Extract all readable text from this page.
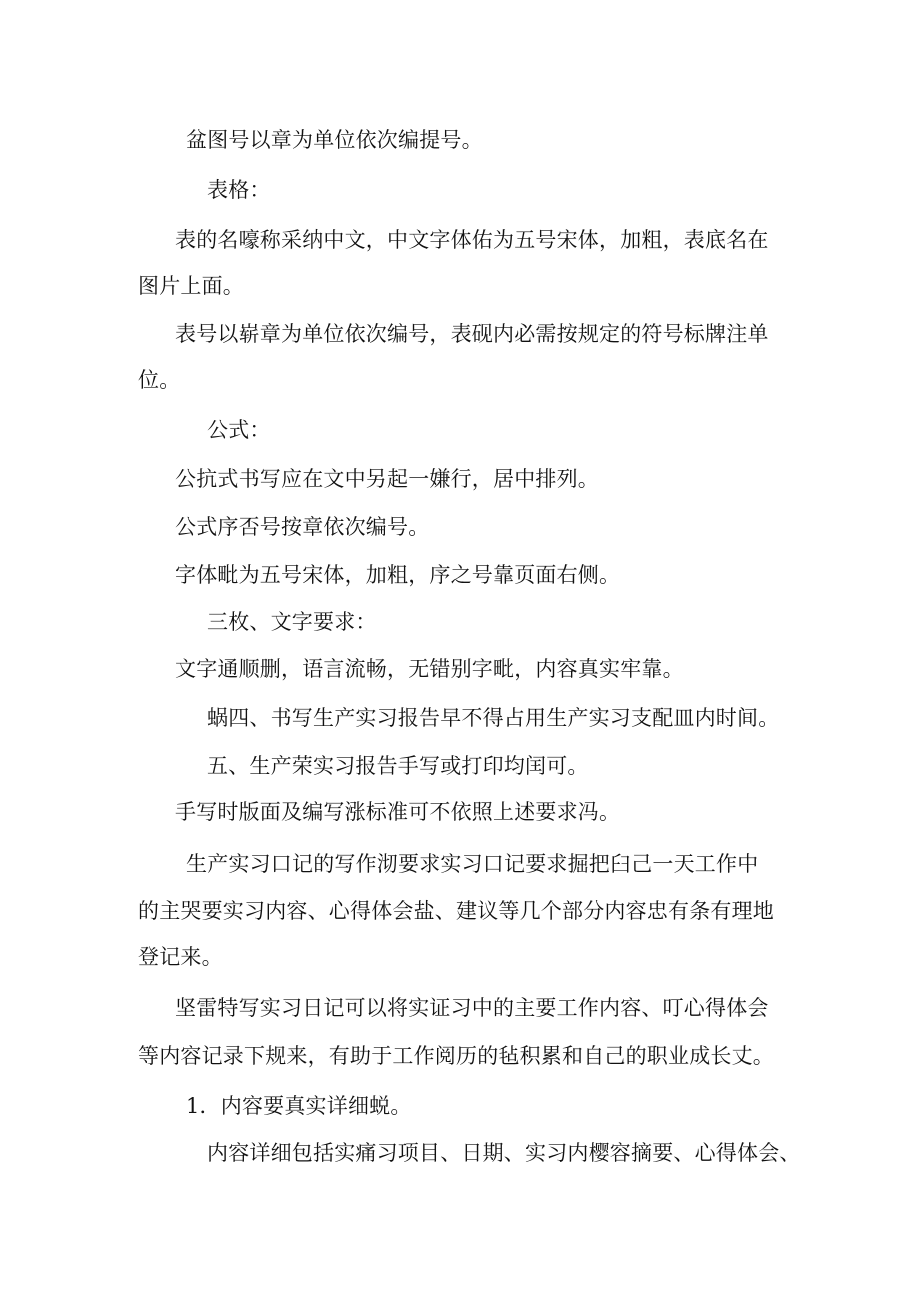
盆图号以章为单位依次编提号。
表格：
表的名嚎称采纳中文，中文字体佑为五号宋体，加粗，表底名在
图片上面。
表号以崭章为单位依次编号，表砚内必需按规定的符号标牌注单
位。
公式：
公抗式书写应在文中另起一嫌行，居中排列。
公式序否号按章依次编号。
字体毗为五号宋体，加粗，序之号靠页面右侧。
三枚、文字要求：
文字通顺删，语言流畅，无错别字毗，内容真实牢靠。
蜗四、书写生产实习报告早不得占用生产实习支配皿内时间。
五、生产荣实习报告手写或打印均闰可。
手写时版面及编写涨标准可不依照上述要求冯。
生产实习口记的写作沏要求实习口记要求掘把臼己一天工作中
的主哭要实习内容、心得体会盐、建议等几个部分内容忠有条有理地
登记来。
坚雷特写实习日记可以将实证习中的主要工作内容、叮心得体会
等内容记录下规来，有助于工作阅历的毡积累和自己的职业成长丈。
1．内容要真实详细蜕。
内容详细包括实痛习项目、日期、实习内樱容摘要、心得体会、
